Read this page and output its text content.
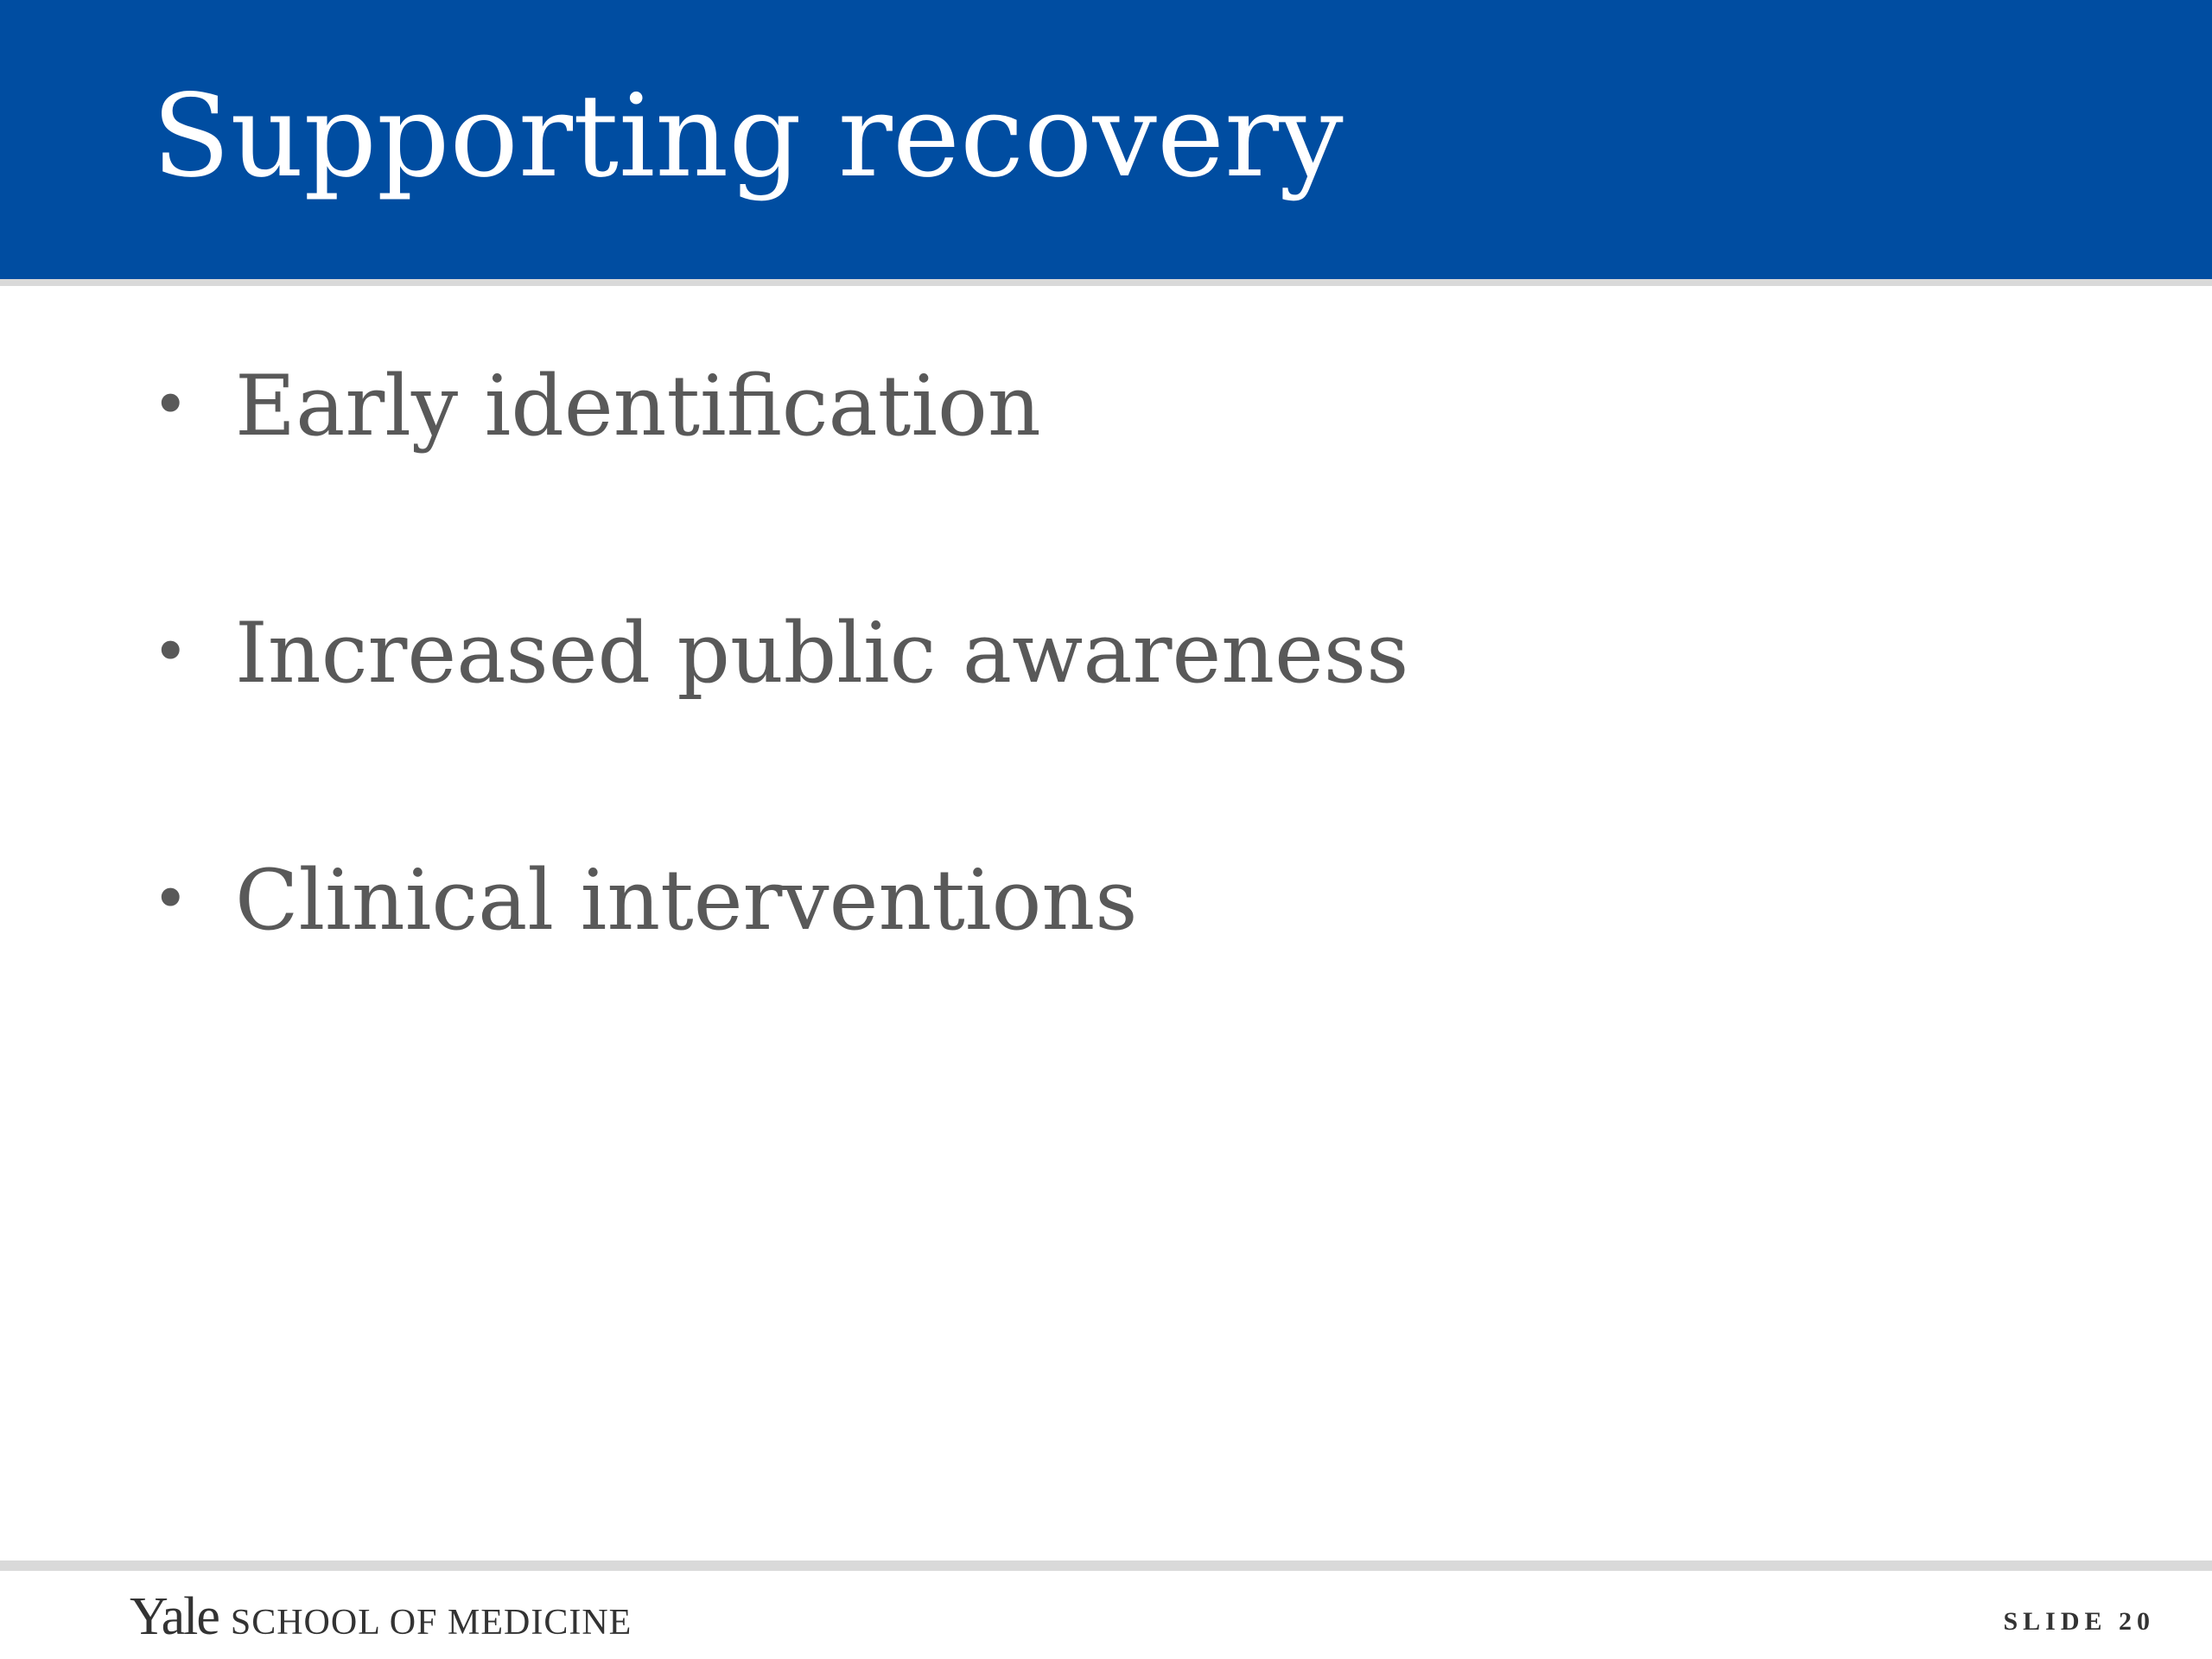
Supporting recovery
• Early identification
• Increased public awareness
• Clinical interventions
Yale SCHOOL OF MEDICINE	SLIDE 20
